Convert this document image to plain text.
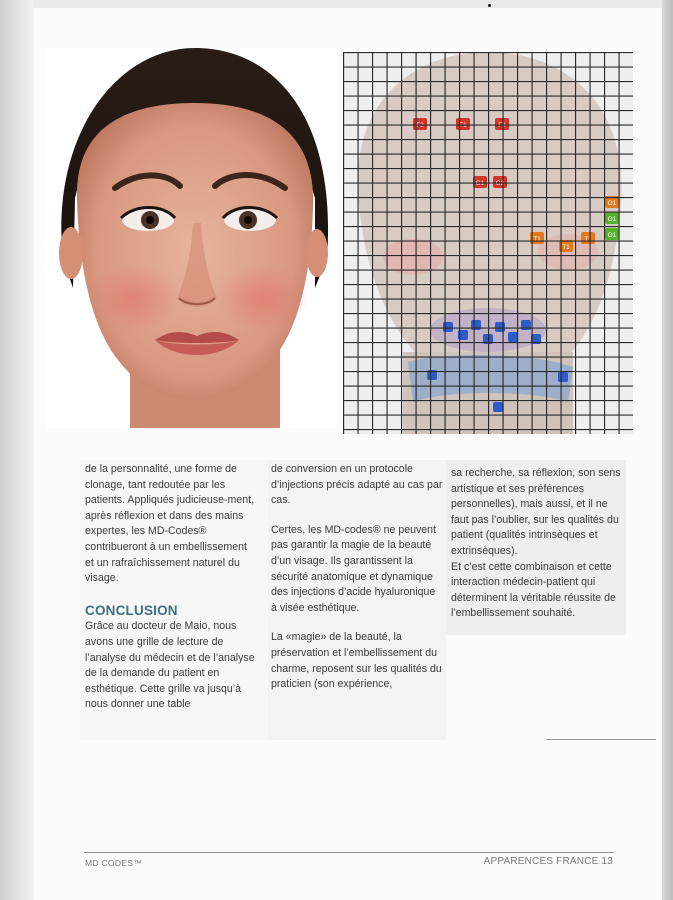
de la personnalité, une forme de clonage, tant redoutée par les patients. Appliqués judicieuse-ment, après réflexion et dans des mains expertes, les MD-Codes® contribueront à un embellissement et un rafraîchissement naturel du visage.

CONCLUSION

Grâce au docteur de Maio, nous avons une grille de lecture de l’analyse du médecin et de l’analyse de la demande du patient en esthétique. Cette grille va jusqu’à nous donner une table

de conversion en un protocole d’injections précis adapté au cas par cas.

Certes, les MD-codes® ne peuvent pas garantir la magie de la beauté d’un visage. Ils garantissent la sécurité anatomique et dynamique des injections d’acide hyaluronique à visée esthétique.

La «magie» de la beauté, la préservation et l’embellissement du charme, reposent sur les qualités du praticien (son expérience,

sa recherche, sa réflexion, son sens artistique et ses préférences personnelles), mais aussi, et il ne faut pas l’oublier, sur les qualités du patient (qualités intrinsèques et extrinsèques).

Et c’est cette combinaison et cette interaction médecin-patient qui déterminent la véritable réussite de l’embellissement souhaité.

MD CODES™	APPARENCES FRANCE 13
